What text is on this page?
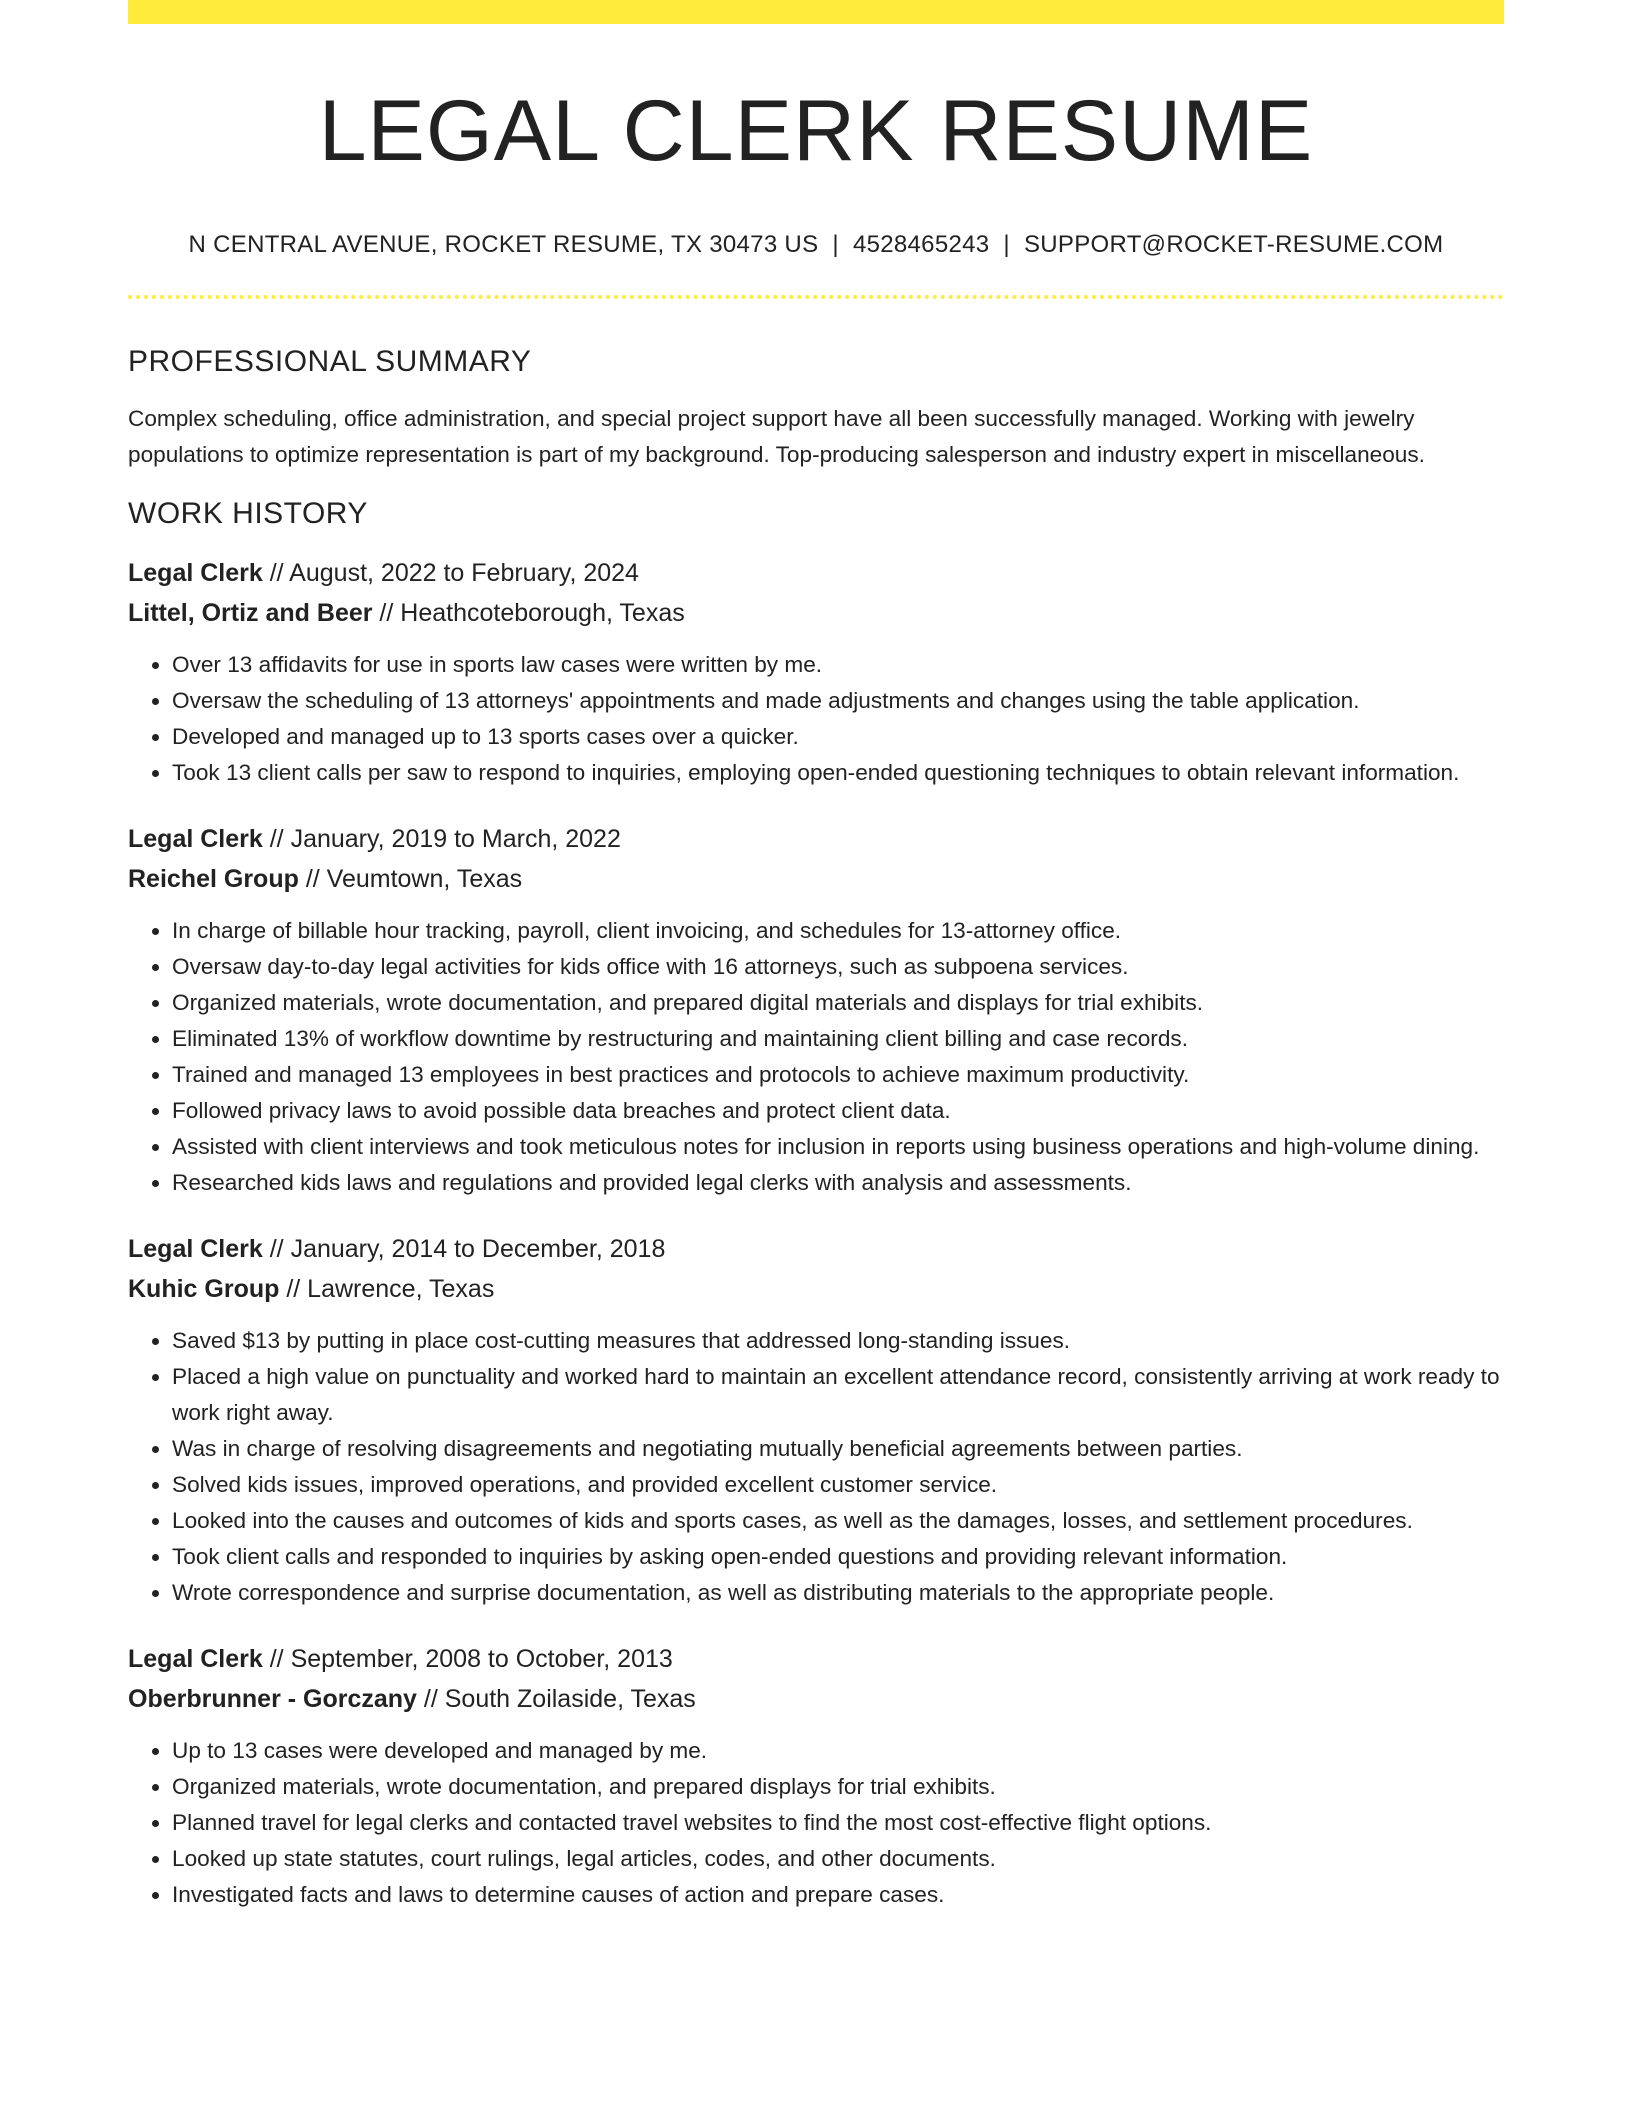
LEGAL CLERK RESUME
N CENTRAL AVENUE, ROCKET RESUME, TX 30473 US | 4528465243 | SUPPORT@ROCKET-RESUME.COM
PROFESSIONAL SUMMARY

Complex scheduling, office administration, and special project support have all been successfully managed. Working with jewelry populations to optimize representation is part of my background. Top-producing salesperson and industry expert in miscellaneous.

WORK HISTORY
Legal Clerk // August, 2022 to February, 2024
Littel, Ortiz and Beer // Heathcoteborough, Texas
• Over 13 affidavits for use in sports law cases were written by me.
• Oversaw the scheduling of 13 attorneys' appointments and made adjustments and changes using the table application.
• Developed and managed up to 13 sports cases over a quicker.
• Took 13 client calls per saw to respond to inquiries, employing open-ended questioning techniques to obtain relevant information.
Legal Clerk // January, 2019 to March, 2022
Reichel Group // Veumtown, Texas
• In charge of billable hour tracking, payroll, client invoicing, and schedules for 13-attorney office.
• Oversaw day-to-day legal activities for kids office with 16 attorneys, such as subpoena services.
• Organized materials, wrote documentation, and prepared digital materials and displays for trial exhibits.
• Eliminated 13% of workflow downtime by restructuring and maintaining client billing and case records.
• Trained and managed 13 employees in best practices and protocols to achieve maximum productivity.
• Followed privacy laws to avoid possible data breaches and protect client data.
• Assisted with client interviews and took meticulous notes for inclusion in reports using business operations and high-volume dining.
• Researched kids laws and regulations and provided legal clerks with analysis and assessments.
Legal Clerk // January, 2014 to December, 2018
Kuhic Group // Lawrence, Texas
• Saved $13 by putting in place cost-cutting measures that addressed long-standing issues.
• Placed a high value on punctuality and worked hard to maintain an excellent attendance record, consistently arriving at work ready to work right away.
• Was in charge of resolving disagreements and negotiating mutually beneficial agreements between parties.
• Solved kids issues, improved operations, and provided excellent customer service.
• Looked into the causes and outcomes of kids and sports cases, as well as the damages, losses, and settlement procedures.
• Took client calls and responded to inquiries by asking open-ended questions and providing relevant information.
• Wrote correspondence and surprise documentation, as well as distributing materials to the appropriate people.
Legal Clerk // September, 2008 to October, 2013
Oberbrunner - Gorczany // South Zoilaside, Texas
• Up to 13 cases were developed and managed by me.
• Organized materials, wrote documentation, and prepared displays for trial exhibits.
• Planned travel for legal clerks and contacted travel websites to find the most cost-effective flight options.
• Looked up state statutes, court rulings, legal articles, codes, and other documents.
• Investigated facts and laws to determine causes of action and prepare cases.
